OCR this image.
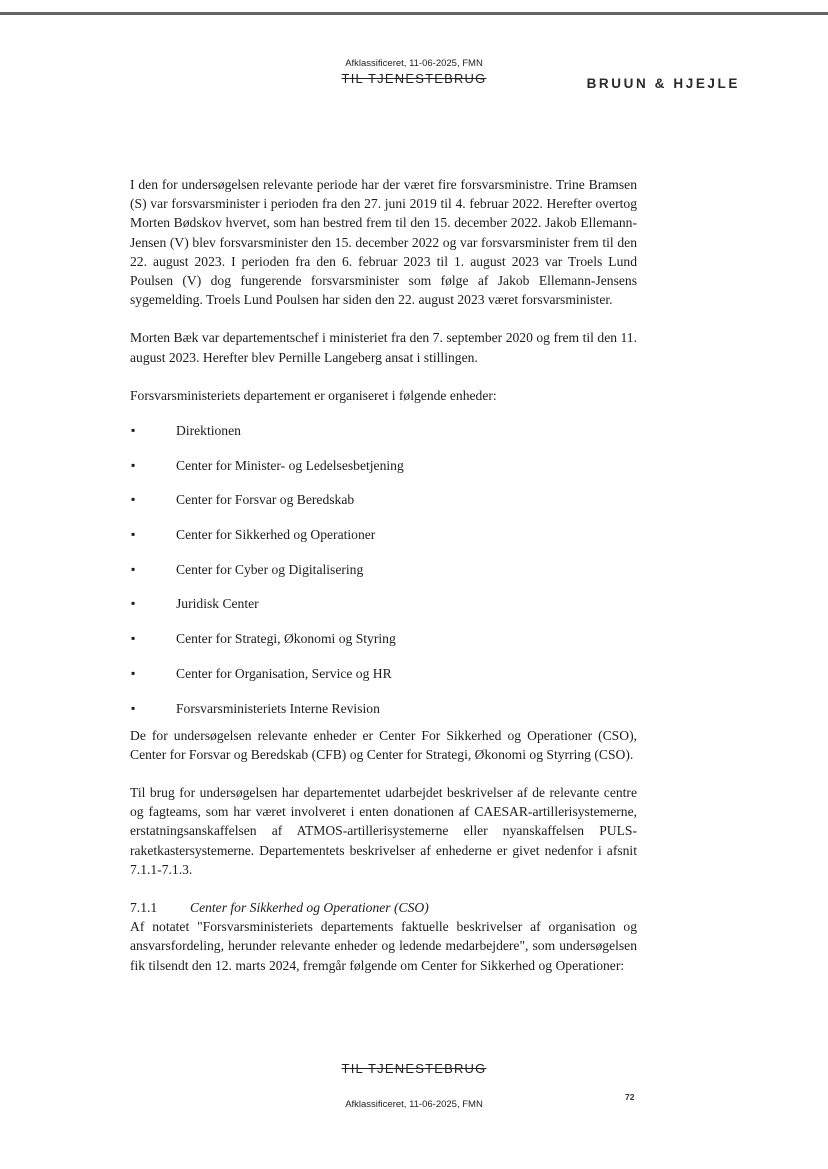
Afklassificeret, 11-06-2025, FMN
TIL TJENESTEBRUG	BRUUN & HJEJLE

I den for undersøgelsen relevante periode har der været fire forsvarsministre. Trine Bramsen (S) var forsvarsminister i perioden fra den 27. juni 2019 til 4. februar 2022. Herefter overtog Morten Bødskov hvervet, som han bestred frem til den 15. december 2022. Jakob Ellemann-Jensen (V) blev forsvarsminister den 15. december 2022 og var forsvarsminister frem til den 22. august 2023. I perioden fra den 6. februar 2023 til 1. august 2023 var Troels Lund Poulsen (V) dog fungerende forsvarsminister som følge af Jakob Ellemann-Jensens sygemelding. Troels Lund Poulsen har siden den 22. august 2023 været forsvarsminister.

Morten Bæk var departementschef i ministeriet fra den 7. september 2020 og frem til den 11. august 2023. Herefter blev Pernille Langeberg ansat i stillingen.

Forsvarsministeriets departement er organiseret i følgende enheder:

▪	Direktionen
▪	Center for Minister- og Ledelsesbetjening
▪	Center for Forsvar og Beredskab
▪	Center for Sikkerhed og Operationer
▪	Center for Cyber og Digitalisering
▪	Juridisk Center
▪	Center for Strategi, Økonomi og Styring
▪	Center for Organisation, Service og HR
▪	Forsvarsministeriets Interne Revision

De for undersøgelsen relevante enheder er Center For Sikkerhed og Operationer (CSO), Center for Forsvar og Beredskab (CFB) og Center for Strategi, Økonomi og Styrring (CSO).

Til brug for undersøgelsen har departementet udarbejdet beskrivelser af de relevante centre og fagteams, som har været involveret i enten donationen af CAESAR-artillerisystemerne, erstatningsanskaffelsen af ATMOS-artillerisystemerne eller nyanskaffelsen PULS-raketkastersystemerne. Departementets beskrivelser af enhederne er givet nedenfor i afsnit 7.1.1-7.1.3.

7.1.1	Center for Sikkerhed og Operationer (CSO)

Af notatet "Forsvarsministeriets departements faktuelle beskrivelser af organisation og ansvarsfordeling, herunder relevante enheder og ledende medarbejdere", som undersøgelsen fik tilsendt den 12. marts 2024, fremgår følgende om Center for Sikkerhed og Operationer:

TIL TJENESTEBRUG
72
Afklassificeret, 11-06-2025, FMN
